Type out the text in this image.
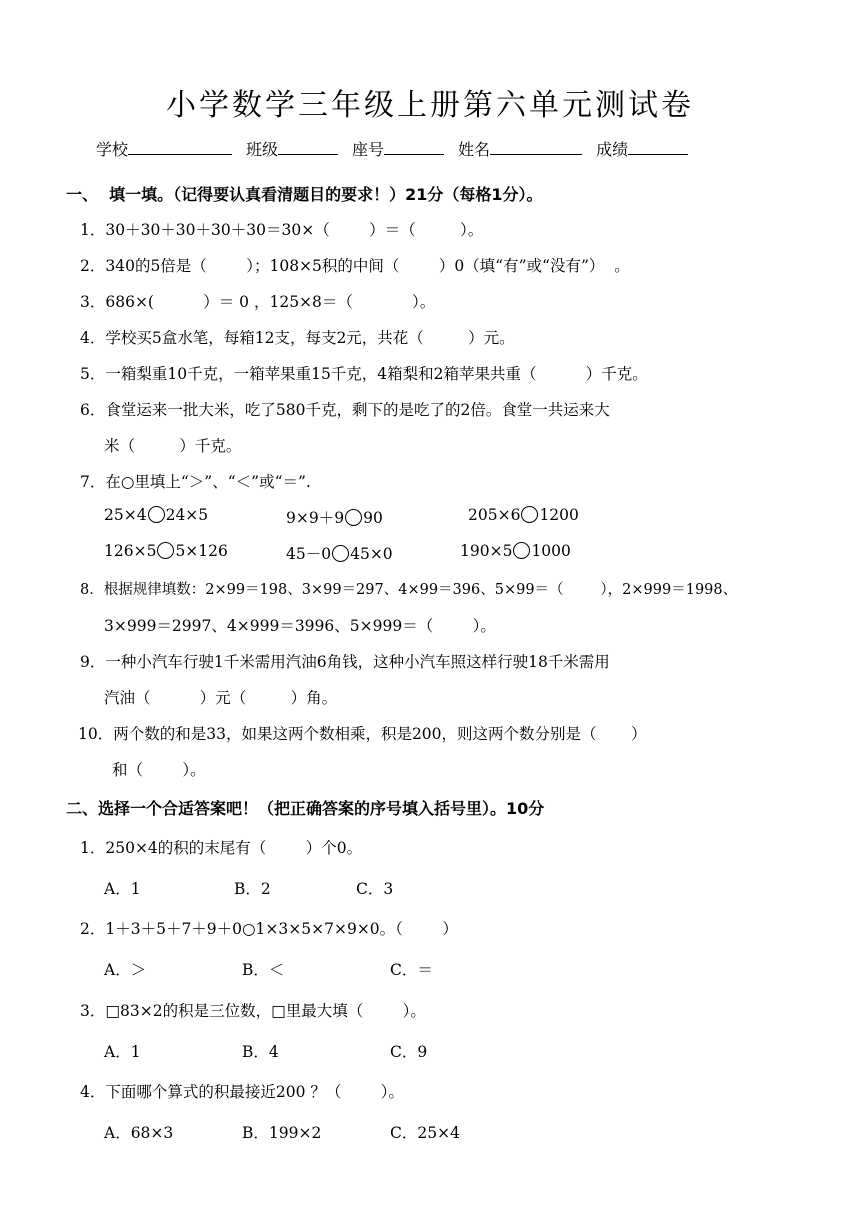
小学数学三年级上册第六单元测试卷
学校	班级	座号	姓名	成绩
一、  填一填。（记得要认真看清题目的要求！）21分（每格1分）。
1．30＋30＋30＋30＋30＝30×（        ）＝（         ）。
2．340的5倍是（        ）；108×5积的中间（        ）0（填“有”或“没有”）  。
3．686×(          ）＝ 0 ，125×8＝（            ）。
4．学校买5盒水笔，每箱12支，每支2元，共花（         ）元。
5．一箱梨重10千克，一箱苹果重15千克，4箱梨和2箱苹果共重（          ）千克。
6．食堂运来一批大米，吃了580千克，剩下的是吃了的2倍。食堂一共运来大
米（         ）千克。
7．在○里填上“＞”、“＜”或“＝”.
25×4 24×5	9×9＋9 90	205×6 1200
126×5 5×126	45－0 45×0	190×5 1000
8．根据规律填数：2×99＝198、3×99＝297、4×99＝396、5×99＝（        ），2×999＝1998、
3×999＝2997、4×999＝3996、5×999＝（        ）。
9．一种小汽车行驶1千米需用汽油6角钱，这种小汽车照这样行驶18千米需用
汽油（          ）元（         ）角。
10．两个数的和是33，如果这两个数相乘，积是200，则这两个数分别是（       ）
和（        ）。
二、选择一个合适答案吧！（把正确答案的序号填入括号里）。10分
1．250×4的积的末尾有（        ）个0。
A．1	B．2	C．3
2．1＋3＋5＋7＋9＋0○1×3×5×7×9×0。（        ）
A．＞	B．＜	C．＝
3．□83×2的积是三位数，□里最大填（        ）。
A．1	B．4	C．9
4．下面哪个算式的积最接近200 ？（        ）。
A．68×3	B．199×2	C．25×4
